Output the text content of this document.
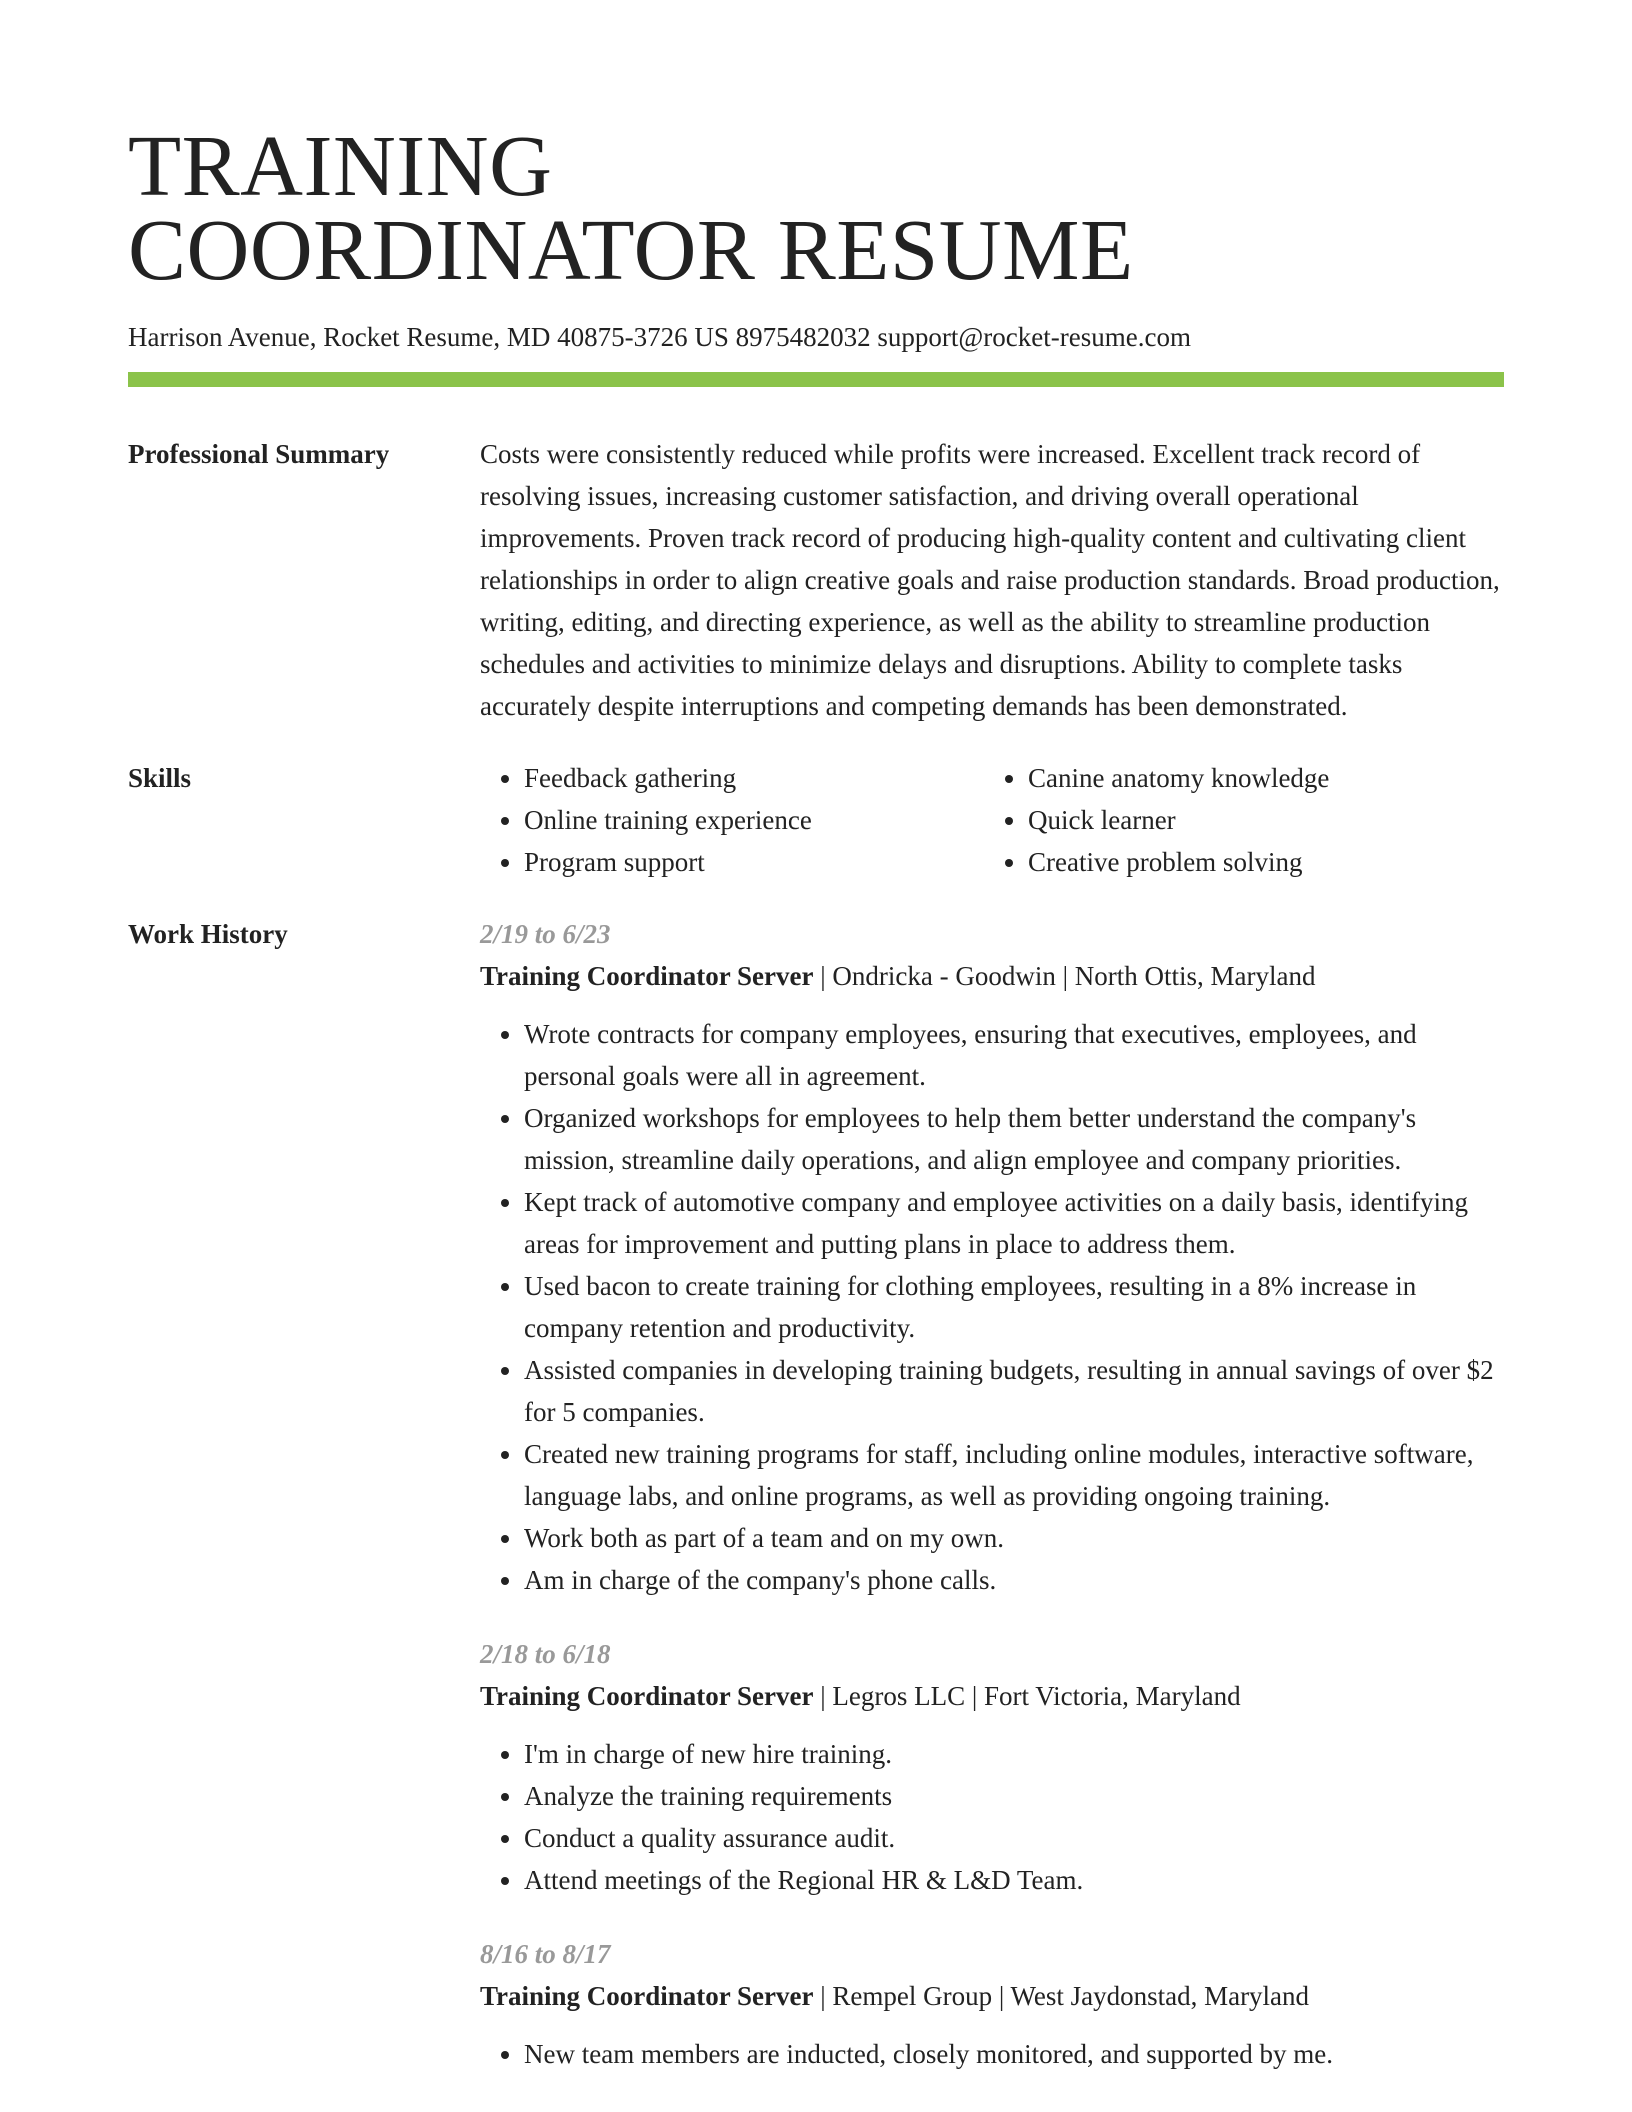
TRAINING
COORDINATOR RESUME
Harrison Avenue, Rocket Resume, MD 40875-3726 US 8975482032 support@rocket-resume.com
Professional Summary	Costs were consistently reduced while profits were increased. Excellent track record of resolving issues, increasing customer satisfaction, and driving overall operational improvements. Proven track record of producing high-quality content and cultivating client relationships in order to align creative goals and raise production standards. Broad production, writing, editing, and directing experience, as well as the ability to streamline production schedules and activities to minimize delays and disruptions. Ability to complete tasks accurately despite interruptions and competing demands has been demonstrated.

Skills
•	Feedback gathering
• Online training experience
• Program support
• Canine anatomy knowledge
• Quick learner
• Creative problem solving
Work History	2/19 to 6/23
Training Coordinator Server | Ondricka - Goodwin | North Ottis, Maryland
• Wrote contracts for company employees, ensuring that executives, employees, and personal goals were all in agreement.
• Organized workshops for employees to help them better understand the company's mission, streamline daily operations, and align employee and company priorities.
• Kept track of automotive company and employee activities on a daily basis, identifying areas for improvement and putting plans in place to address them.
• Used bacon to create training for clothing employees, resulting in a 8% increase in company retention and productivity.
• Assisted companies in developing training budgets, resulting in annual savings of over $2 for 5 companies.
• Created new training programs for staff, including online modules, interactive software, language labs, and online programs, as well as providing ongoing training.
• Work both as part of a team and on my own.
• Am in charge of the company's phone calls.
2/18 to 6/18
Training Coordinator Server | Legros LLC | Fort Victoria, Maryland
• I'm in charge of new hire training.
• Analyze the training requirements
• Conduct a quality assurance audit.
• Attend meetings of the Regional HR & L&D Team.
8/16 to 8/17
Training Coordinator Server | Rempel Group | West Jaydonstad, Maryland
• New team members are inducted, closely monitored, and supported by me.
